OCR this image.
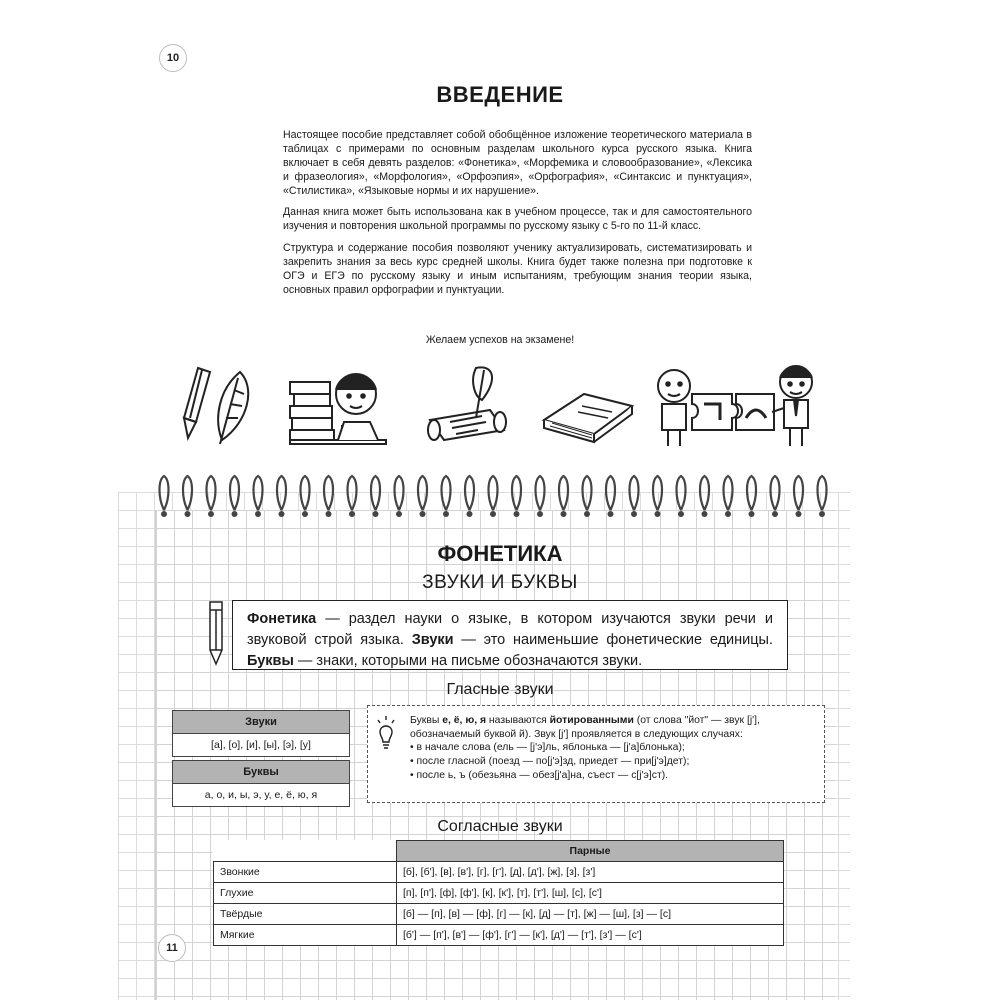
10
ВВЕДЕНИЕ

Настоящее пособие представляет собой обобщённое изложение теоретического материала в таблицах с примерами по основным разделам школьного курса русского языка. Книга включает в себя девять разделов: «Фонетика», «Морфемика и словообразование», «Лексика и фразеология», «Морфология», «Орфоэпия», «Орфография», «Синтаксис и пунктуация», «Стилистика», «Языковые нормы и их нарушение».

Данная книга может быть использована как в учебном процессе, так и для самостоятельного изучения и повторения школьной программы по русскому языку с 5-го по 11-й класс.

Структура и содержание пособия позволяют ученику актуализировать, систематизировать и закрепить знания за весь курс средней школы. Книга будет также полезна при подготовке к ОГЭ и ЕГЭ по русскому языку и иным испытаниям, требующим знания теории языка, основных правил орфографии и пунктуации.

Желаем успехов на экзамене!
ФОНЕТИКА
ЗВУКИ И БУКВЫ
Фонетика — раздел науки о языке, в котором изучаются звуки речи и звуковой строй языка. Звуки — это наименьшие фонетические единицы. Буквы — знаки, которыми на письме обозначаются звуки.
Гласные звуки
Звуки
[а], [о], [и], [ы], [э], [у]
Буквы
а, о, и, ы, э, у, е, ё, ю, я
Буквы е, ё, ю, я называются йотированными (от слова "йот" — звук [j'], обозначаемый буквой й). Звук [j'] проявляется в следующих случаях:
• в начале слова (ель — [j'э]ль, яблонька — [j'а]блонька);
• после гласной (поезд — по[j'э]зд, приедет — при[j'э]дет);
• после ь, ъ (обезьяна — обез[j'а]на, съест — с[j'э]ст).
Согласные звуки
	Парные
Звонкие	[б], [б'], [в], [в'], [г], [г'], [д], [д'], [ж], [з], [з']
Глухие	[п], [п'], [ф], [ф'], [к], [к'], [т], [т'], [ш], [с], [с']
Твёрдые	[б] — [п], [в] — [ф], [г] — [к], [д] — [т], [ж] — [ш], [з] — [с]
Мягкие	[б'] — [п'], [в'] — [ф'], [г'] — [к'], [д'] — [т'], [з'] — [с']
11
